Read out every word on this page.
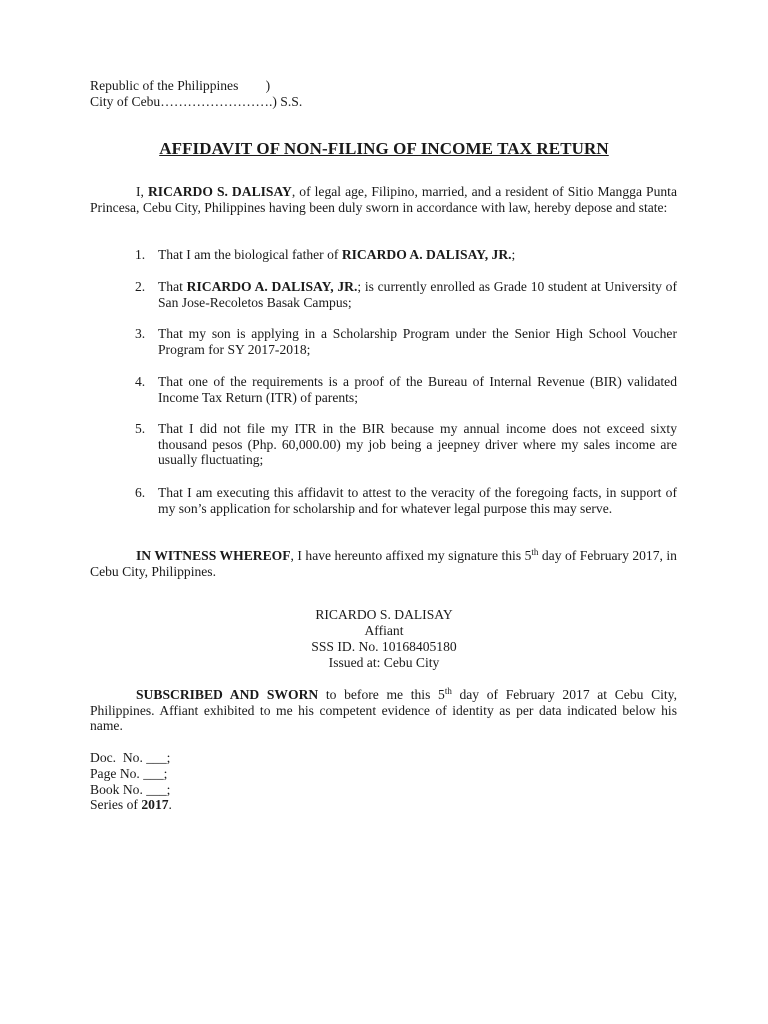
Republic of the Philippines        )
City of Cebu…………………….) S.S.
AFFIDAVIT OF NON-FILING OF INCOME TAX RETURN
I, RICARDO S. DALISAY, of legal age, Filipino, married, and a resident of Sitio Mangga Punta Princesa, Cebu City, Philippines having been duly sworn in accordance with law, hereby depose and state:
1. That I am the biological father of RICARDO A. DALISAY, JR.;
2. That RICARDO A. DALISAY, JR.; is currently enrolled as Grade 10 student at University of San Jose-Recoletos Basak Campus;
3. That my son is applying in a Scholarship Program under the Senior High School Voucher Program for SY 2017-2018;
4. That one of the requirements is a proof of the Bureau of Internal Revenue (BIR) validated Income Tax Return (ITR) of parents;
5. That I did not file my ITR in the BIR because my annual income does not exceed sixty thousand pesos (Php. 60,000.00) my job being a jeepney driver where my sales income are usually fluctuating;
6. That I am executing this affidavit to attest to the veracity of the foregoing facts, in support of my son’s application for scholarship and for whatever legal purpose this may serve.
IN WITNESS WHEREOF, I have hereunto affixed my signature this 5th day of February 2017, in Cebu City, Philippines.
RICARDO S. DALISAY
Affiant
SSS ID. No. 10168405180
Issued at: Cebu City
SUBSCRIBED AND SWORN to before me this 5th day of February 2017 at Cebu City, Philippines. Affiant exhibited to me his competent evidence of identity as per data indicated below his name.
Doc.  No. ___;
Page No. ___;
Book No. ___;
Series of 2017.
